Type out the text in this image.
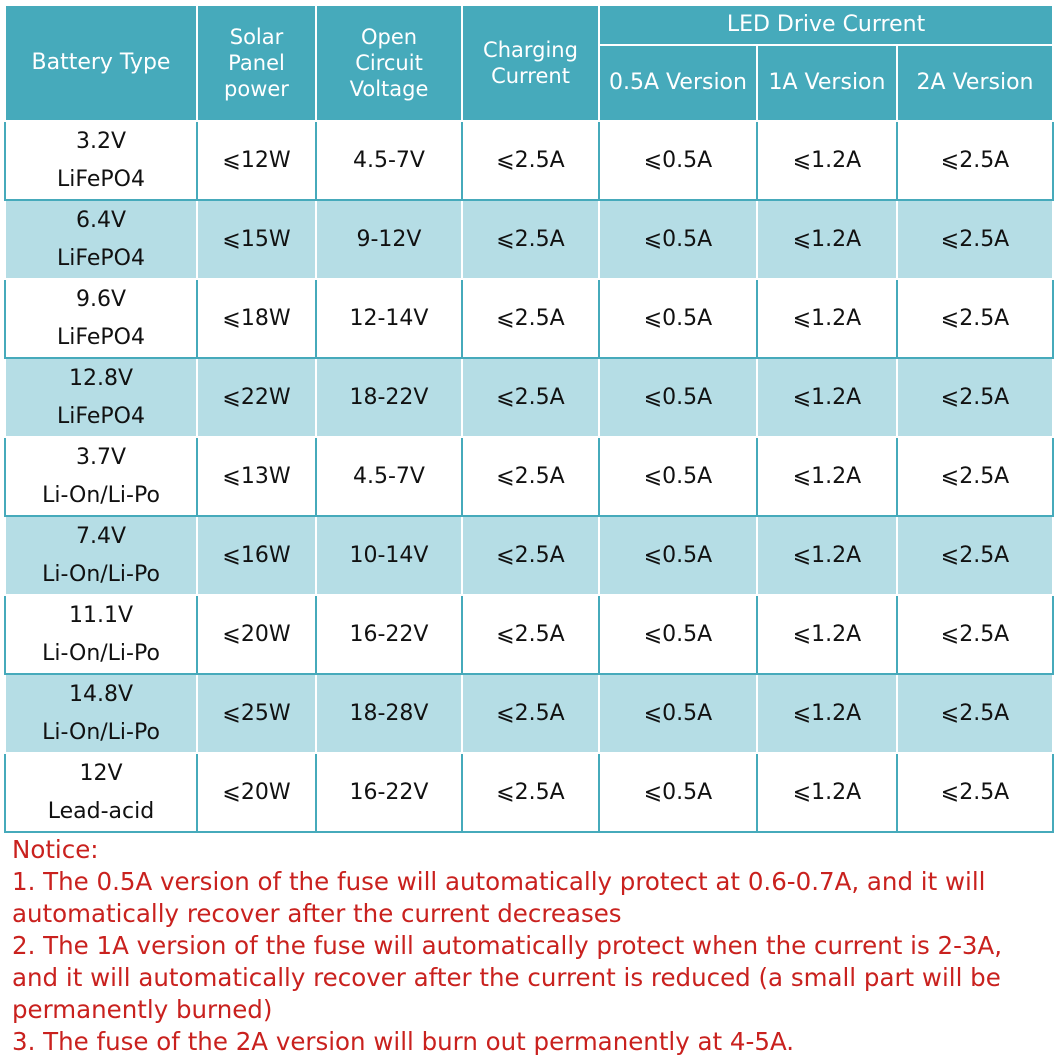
Battery Type	Solar
Panel
power	Open
Circuit
Voltage	Charging
Current	LED Drive Current		
				0.5A Version	1A Version	2A Version

3.2V
LiFePO4	⩽12W	4.5-7V	⩽2.5A	⩽0.5A	⩽1.2A	⩽2.5A

6.4V
LiFePO4	⩽15W	9-12V	⩽2.5A	⩽0.5A	⩽1.2A	⩽2.5A

9.6V
LiFePO4	⩽18W	12-14V	⩽2.5A	⩽0.5A	⩽1.2A	⩽2.5A

12.8V
LiFePO4	⩽22W	18-22V	⩽2.5A	⩽0.5A	⩽1.2A	⩽2.5A

3.7V
Li-On/Li-Po	⩽13W	4.5-7V	⩽2.5A	⩽0.5A	⩽1.2A	⩽2.5A

7.4V
Li-On/Li-Po	⩽16W	10-14V	⩽2.5A	⩽0.5A	⩽1.2A	⩽2.5A

11.1V
Li-On/Li-Po	⩽20W	16-22V	⩽2.5A	⩽0.5A	⩽1.2A	⩽2.5A

14.8V
Li-On/Li-Po	⩽25W	18-28V	⩽2.5A	⩽0.5A	⩽1.2A	⩽2.5A

12V
Lead-acid	⩽20W	16-22V	⩽2.5A	⩽0.5A	⩽1.2A	⩽2.5A

Notice:

1. The 0.5A version of the fuse will automatically protect at 0.6-0.7A, and it will automatically recover after the current decreases

2. The 1A version of the fuse will automatically protect when the current is 2-3A, and it will automatically recover after the current is reduced (a small part will be permanently burned)

3. The fuse of the 2A version will burn out permanently at 4-5A.
